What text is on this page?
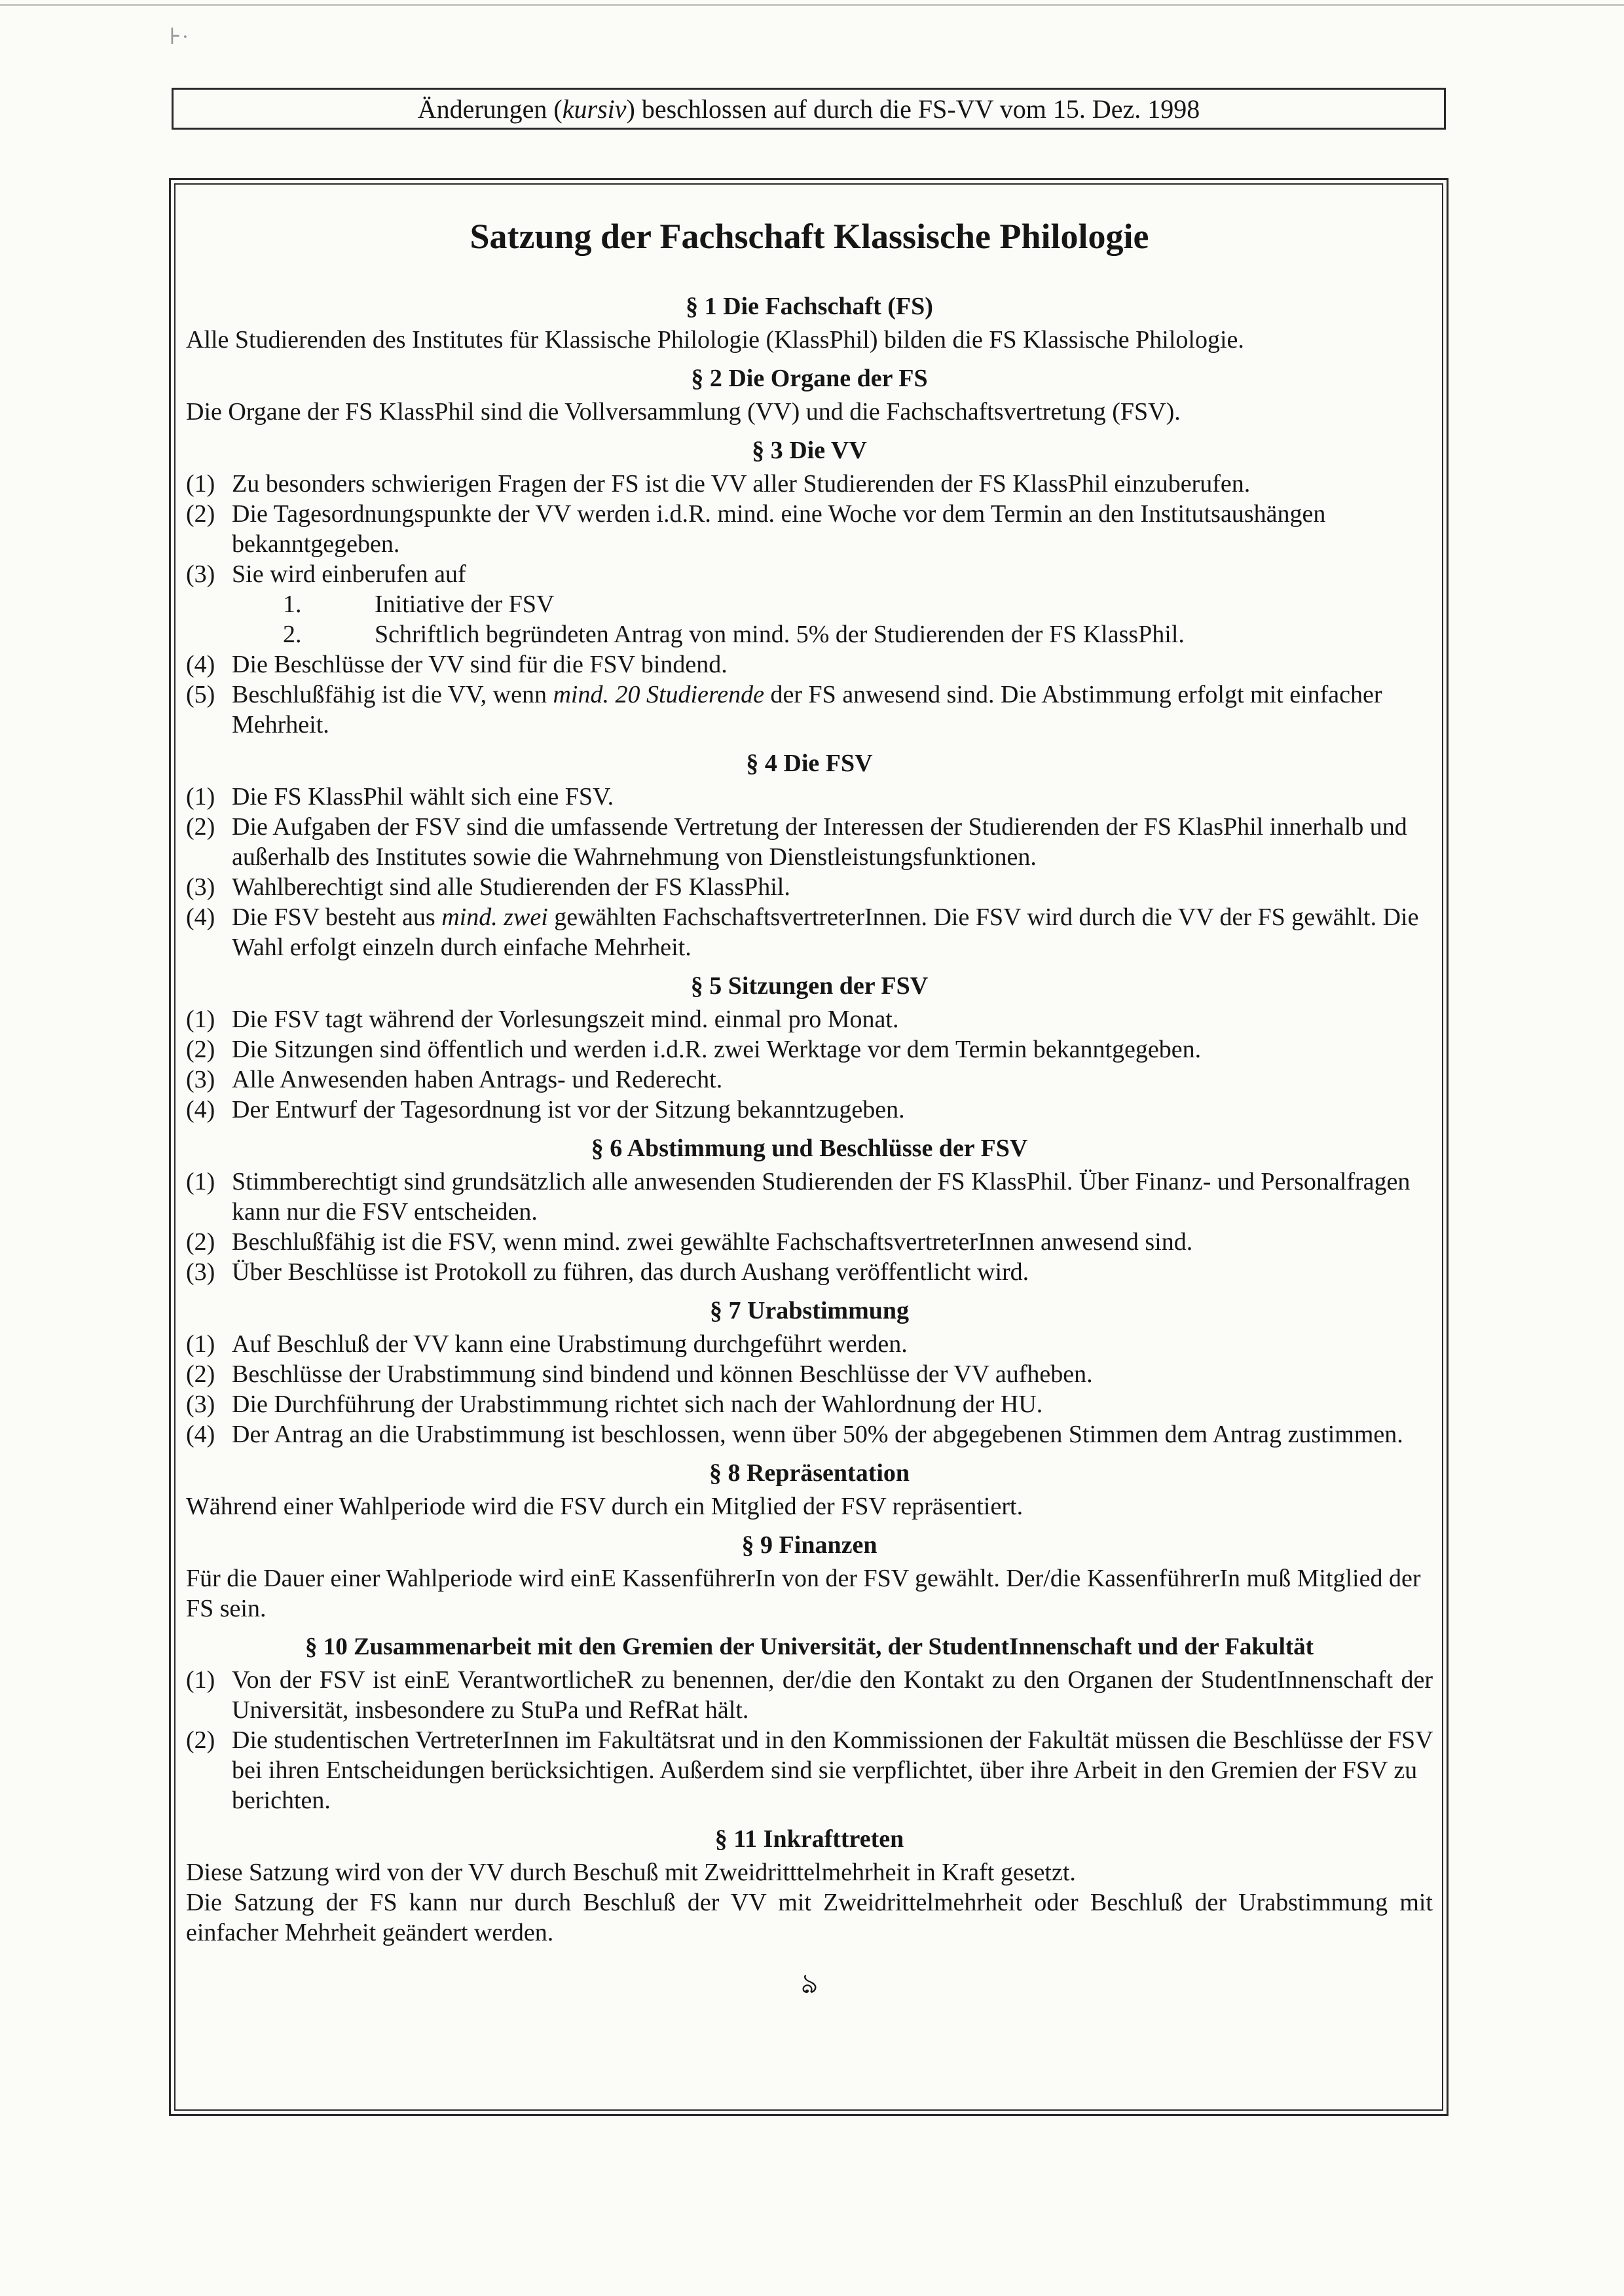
⊦·
Änderungen ( kursiv ) beschlossen auf durch die FS-VV vom 15. Dez. 1998
Satzung der Fachschaft Klassische Philologie
§ 1 Die Fachschaft (FS)
Alle Studierenden des Institutes für Klassische Philologie (KlassPhil) bilden die FS Klassische Philologie.
§ 2 Die Organe der FS
Die Organe der FS KlassPhil sind die Vollversammlung (VV) und die Fachschaftsvertretung (FSV).
§ 3 Die VV
(1) Zu besonders schwierigen Fragen der FS ist die VV aller Studierenden der FS KlassPhil einzuberufen.
(2) Die Tagesordnungspunkte der VV werden i.d.R. mind. eine Woche vor dem Termin an den Institutsaushängen bekanntgegeben.
(3) Sie wird einberufen auf
1.	Initiative der FSV
2.	Schriftlich begründeten Antrag von mind. 5% der Studierenden der FS KlassPhil.
(4) Die Beschlüsse der VV sind für die FSV bindend.
(5) Beschlußfähig ist die VV, wenn mind. 20 Studierende der FS anwesend sind. Die Abstimmung erfolgt mit einfacher Mehrheit.
§ 4 Die FSV
(1) Die FS KlassPhil wählt sich eine FSV.
(2) Die Aufgaben der FSV sind die umfassende Vertretung der Interessen der Studierenden der FS KlasPhil innerhalb und außerhalb des Institutes sowie die Wahrnehmung von Dienstleistungsfunktionen.
(3) Wahlberechtigt sind alle Studierenden der FS KlassPhil.
(4) Die FSV besteht aus mind. zwei gewählten FachschaftsvertreterInnen. Die FSV wird durch die VV der FS gewählt. Die Wahl erfolgt einzeln durch einfache Mehrheit.
§ 5 Sitzungen der FSV
(1) Die FSV tagt während der Vorlesungszeit mind. einmal pro Monat.
(2) Die Sitzungen sind öffentlich und werden i.d.R. zwei Werktage vor dem Termin bekanntgegeben.
(3) Alle Anwesenden haben Antrags- und Rederecht.
(4) Der Entwurf der Tagesordnung ist vor der Sitzung bekanntzugeben.
§ 6 Abstimmung und Beschlüsse der FSV
(1) Stimmberechtigt sind grundsätzlich alle anwesenden Studierenden der FS KlassPhil. Über Finanz- und Personalfragen kann nur die FSV entscheiden.
(2) Beschlußfähig ist die FSV, wenn mind. zwei gewählte FachschaftsvertreterInnen anwesend sind.
(3) Über Beschlüsse ist Protokoll zu führen, das durch Aushang veröffentlicht wird.
§ 7 Urabstimmung
(1) Auf Beschluß der VV kann eine Urabstimung durchgeführt werden.
(2) Beschlüsse der Urabstimmung sind bindend und können Beschlüsse der VV aufheben.
(3) Die Durchführung der Urabstimmung richtet sich nach der Wahlordnung der HU.
(4) Der Antrag an die Urabstimmung ist beschlossen, wenn über 50% der abgegebenen Stimmen dem Antrag zustimmen.
§ 8 Repräsentation
Während einer Wahlperiode wird die FSV durch ein Mitglied der FSV repräsentiert.
§ 9 Finanzen
Für die Dauer einer Wahlperiode wird einE KassenführerIn von der FSV gewählt. Der/die KassenführerIn muß Mitglied der FS sein.
§ 10 Zusammenarbeit mit den Gremien der Universität, der StudentInnenschaft und der Fakultät
(1) Von der FSV ist einE VerantwortlicheR zu benennen, der/die den Kontakt zu den Organen der StudentInnenschaft der Universität, insbesondere zu StuPa und RefRat hält.
(2) Die studentischen VertreterInnen im Fakultätsrat und in den Kommissionen der Fakultät müssen die Beschlüsse der FSV bei ihren Entscheidungen berücksichtigen. Außerdem sind sie verpflichtet, über ihre Arbeit in den Gremien der FSV zu berichten.
§ 11 Inkrafttreten
Diese Satzung wird von der VV durch Beschuß mit Zweidritttelmehrheit in Kraft gesetzt.
Die Satzung der FS kann nur durch Beschluß der VV mit Zweidrittelmehrheit oder Beschluß der Urabstimmung mit einfacher Mehrheit geändert werden.
ঌ
